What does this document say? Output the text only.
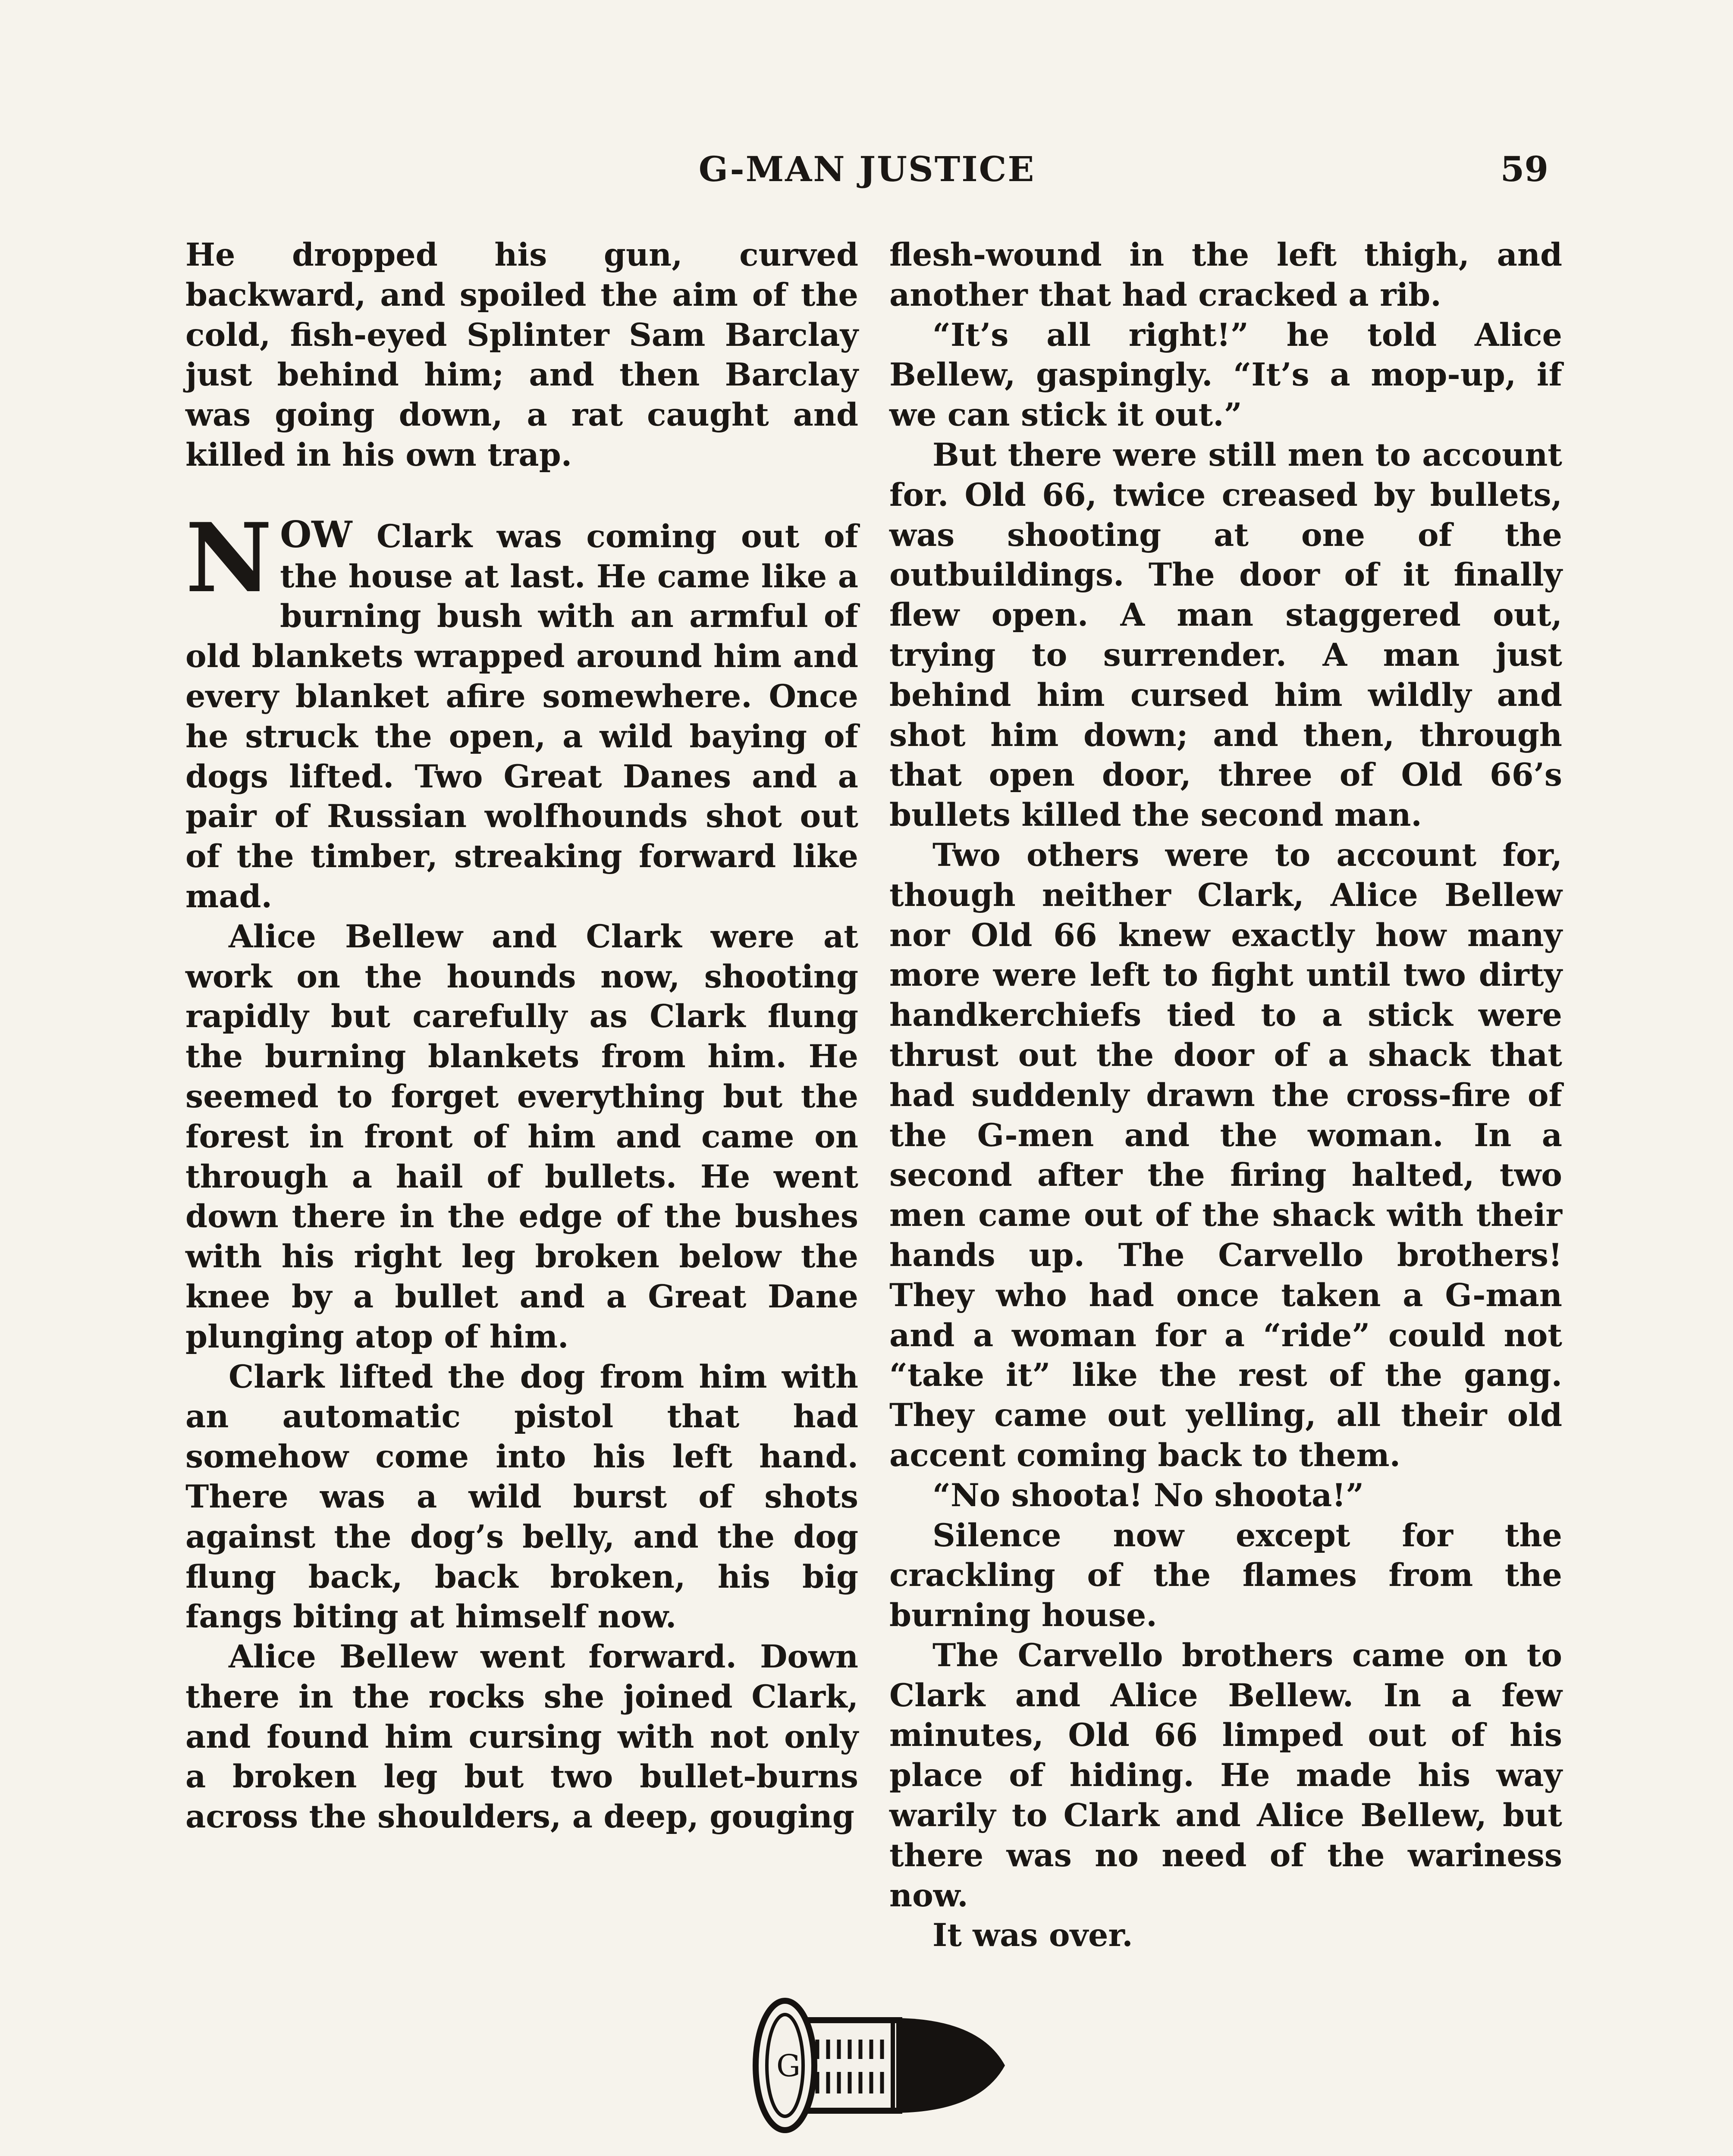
G-MAN JUSTICE	59

He dropped his gun, curved backward, and spoiled the aim of the cold, fish-eyed Splinter Sam Barclay just behind him; and then Barclay was going down, a rat caught and killed in his own trap.

NOW Clark was coming out of the house at last. He came like a burning bush with an armful of old blankets wrapped around him and every blanket afire somewhere. Once he struck the open, a wild baying of dogs lifted. Two Great Danes and a pair of Russian wolfhounds shot out of the timber, streaking forward like mad.

Alice Bellew and Clark were at work on the hounds now, shooting rapidly but carefully as Clark flung the burning blankets from him. He seemed to forget everything but the forest in front of him and came on through a hail of bullets. He went down there in the edge of the bushes with his right leg broken below the knee by a bullet and a Great Dane plunging atop of him.

Clark lifted the dog from him with an automatic pistol that had somehow come into his left hand. There was a wild burst of shots against the dog’s belly, and the dog flung back, back broken, his big fangs biting at himself now.

Alice Bellew went forward. Down there in the rocks she joined Clark, and found him cursing with not only a broken leg but two bullet-burns across the shoulders, a deep, gouging

flesh-wound in the left thigh, and another that had cracked a rib.

“It’s all right!” he told Alice Bellew, gaspingly. “It’s a mop-up, if we can stick it out.”

But there were still men to account for. Old 66, twice creased by bullets, was shooting at one of the outbuildings. The door of it finally flew open. A man staggered out, trying to surrender. A man just behind him cursed him wildly and shot him down; and then, through that open door, three of Old 66’s bullets killed the second man.

Two others were to account for, though neither Clark, Alice Bellew nor Old 66 knew exactly how many more were left to fight until two dirty handkerchiefs tied to a stick were thrust out the door of a shack that had suddenly drawn the cross-fire of the G-men and the woman. In a second after the firing halted, two men came out of the shack with their hands up. The Carvello brothers! They who had once taken a G-man and a woman for a “ride” could not “take it” like the rest of the gang. They came out yelling, all their old accent coming back to them.

“No shoota! No shoota!”

Silence now except for the crackling of the flames from the burning house.

The Carvello brothers came on to Clark and Alice Bellew. In a few minutes, Old 66 limped out of his place of hiding. He made his way warily to Clark and Alice Bellew, but there was no need of the wariness now.

It was over.

G
